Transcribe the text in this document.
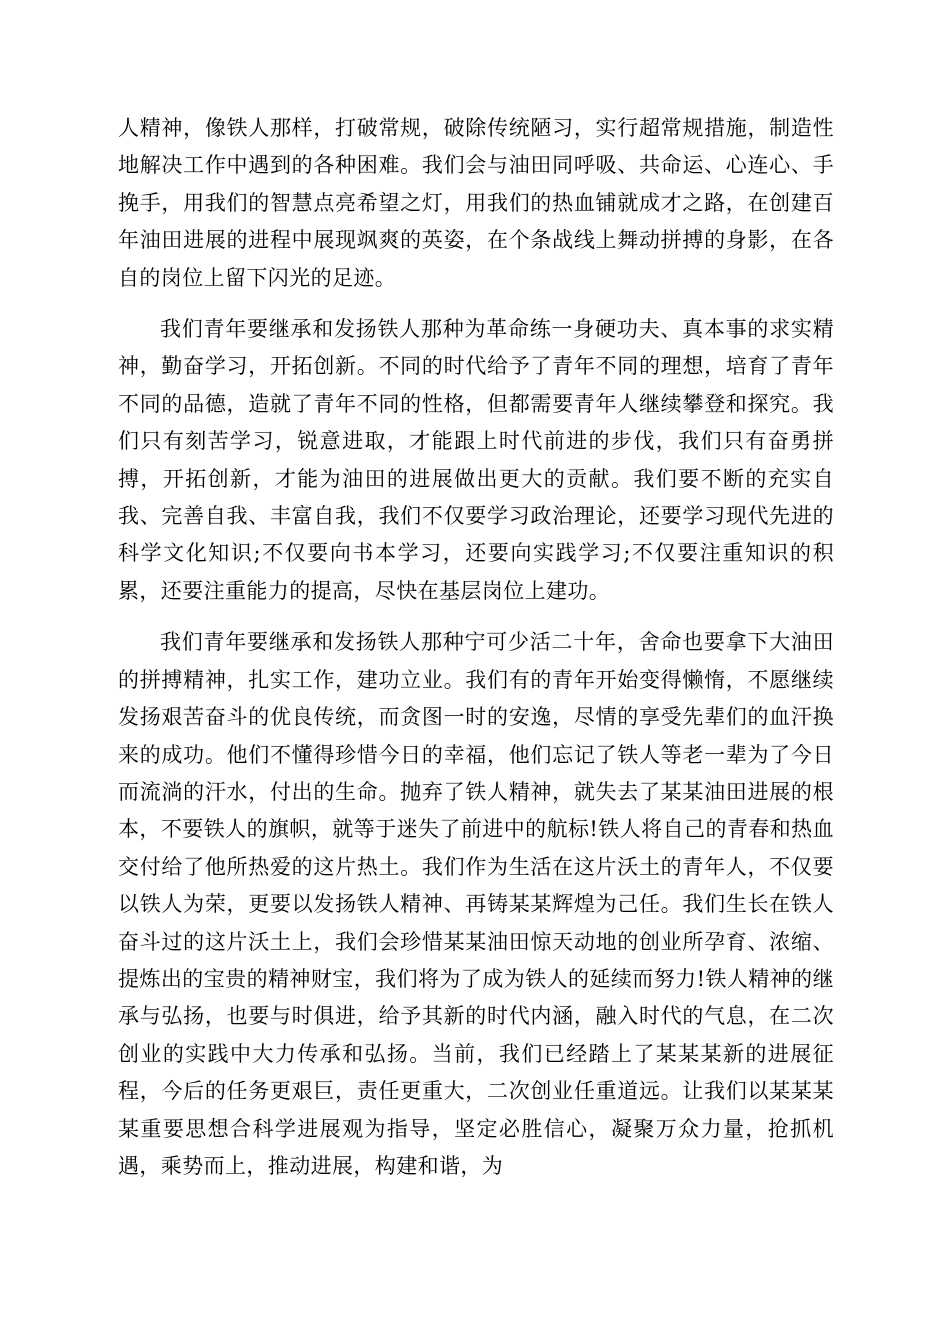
人精神，像铁人那样，打破常规，破除传统陋习，实行超常规措施，制造性地解决工作中遇到的各种困难。我们会与油田同呼吸、共命运、心连心、手挽手，用我们的智慧点亮希望之灯，用我们的热血铺就成才之路，在创建百年油田进展的进程中展现飒爽的英姿，在个条战线上舞动拼搏的身影，在各自的岗位上留下闪光的足迹。

我们青年要继承和发扬铁人那种为革命练一身硬功夫、真本事的求实精神，勤奋学习，开拓创新。不同的时代给予了青年不同的理想，培育了青年不同的品德，造就了青年不同的性格，但都需要青年人继续攀登和探究。我们只有刻苦学习，锐意进取，才能跟上时代前进的步伐，我们只有奋勇拼搏，开拓创新，才能为油田的进展做出更大的贡献。我们要不断的充实自我、完善自我、丰富自我，我们不仅要学习政治理论，还要学习现代先进的科学文化知识;不仅要向书本学习，还要向实践学习;不仅要注重知识的积累，还要注重能力的提高，尽快在基层岗位上建功。

我们青年要继承和发扬铁人那种宁可少活二十年，舍命也要拿下大油田的拼搏精神，扎实工作，建功立业。我们有的青年开始变得懒惰，不愿继续发扬艰苦奋斗的优良传统，而贪图一时的安逸，尽情的享受先辈们的血汗换来的成功。他们不懂得珍惜今日的幸福，他们忘记了铁人等老一辈为了今日而流淌的汗水，付出的生命。抛弃了铁人精神，就失去了某某油田进展的根本，不要铁人的旗帜，就等于迷失了前进中的航标!铁人将自己的青春和热血交付给了他所热爱的这片热土。我们作为生活在这片沃土的青年人，不仅要以铁人为荣，更要以发扬铁人精神、再铸某某辉煌为己任。我们生长在铁人奋斗过的这片沃土上，我们会珍惜某某油田惊天动地的创业所孕育、浓缩、提炼出的宝贵的精神财宝，我们将为了成为铁人的延续而努力!铁人精神的继承与弘扬，也要与时俱进，给予其新的时代内涵，融入时代的气息，在二次创业的实践中大力传承和弘扬。当前，我们已经踏上了某某某新的进展征程，今后的任务更艰巨，责任更重大，二次创业任重道远。让我们以某某某某重要思想合科学进展观为指导，坚定必胜信心，凝聚万众力量，抢抓机遇，乘势而上，推动进展，构建和谐，为
